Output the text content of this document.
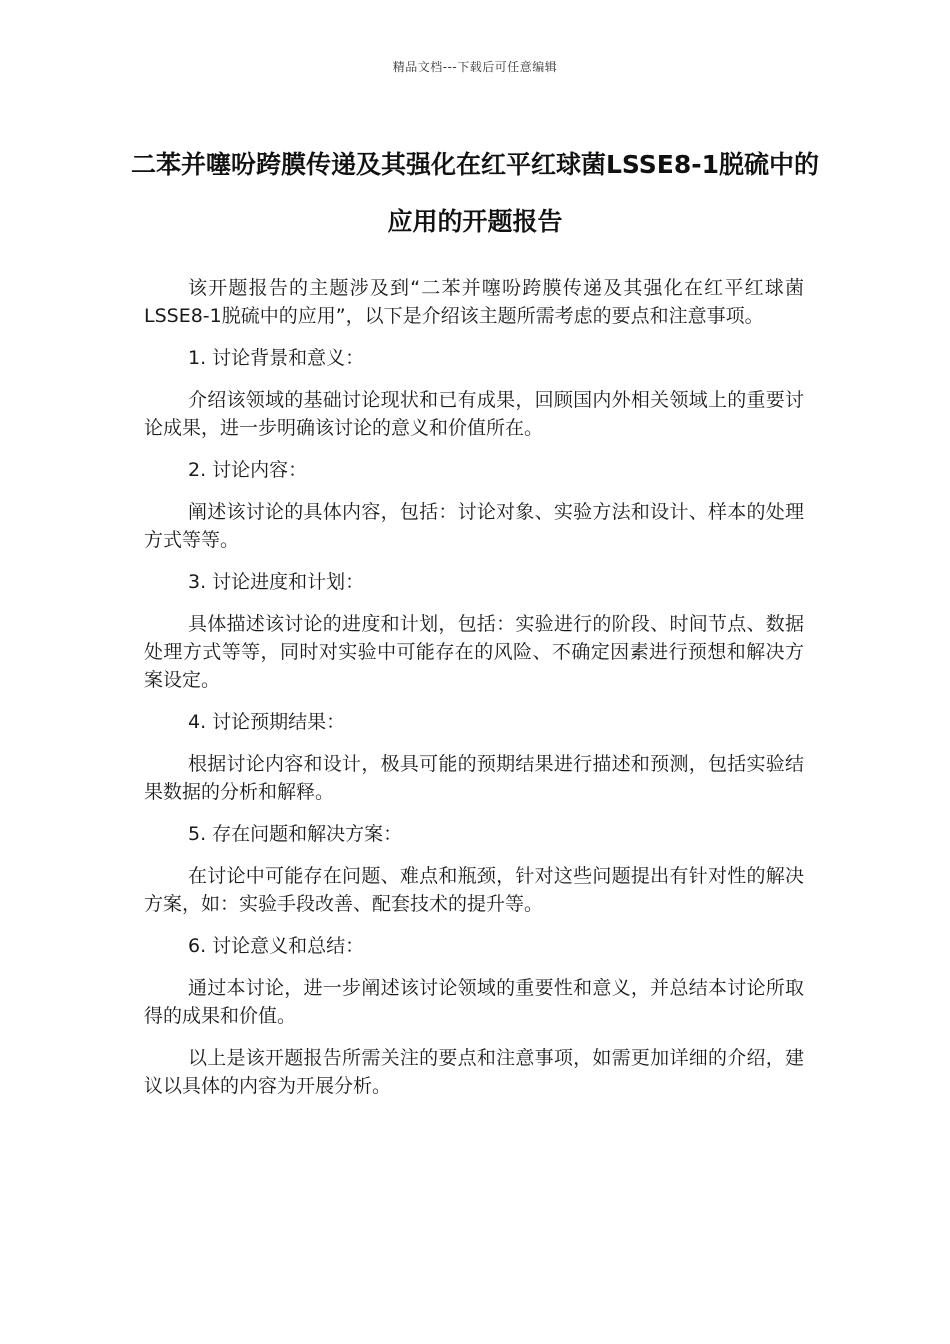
精品文档---下载后可任意编辑
二苯并噻吩跨膜传递及其强化在红平红球菌LSSE8-1脱硫中的应用的开题报告

该开题报告的主题涉及到“二苯并噻吩跨膜传递及其强化在红平红球菌LSSE8-1脱硫中的应用”，以下是介绍该主题所需考虑的要点和注意事项。

1. 讨论背景和意义：

介绍该领域的基础讨论现状和已有成果，回顾国内外相关领域上的重要讨论成果，进一步明确该讨论的意义和价值所在。

2. 讨论内容：

阐述该讨论的具体内容，包括：讨论对象、实验方法和设计、样本的处理方式等等。

3. 讨论进度和计划：

具体描述该讨论的进度和计划，包括：实验进行的阶段、时间节点、数据处理方式等等，同时对实验中可能存在的风险、不确定因素进行预想和解决方案设定。

4. 讨论预期结果：

根据讨论内容和设计，极具可能的预期结果进行描述和预测，包括实验结果数据的分析和解释。

5. 存在问题和解决方案：

在讨论中可能存在问题、难点和瓶颈，针对这些问题提出有针对性的解决方案，如：实验手段改善、配套技术的提升等。

6. 讨论意义和总结：

通过本讨论，进一步阐述该讨论领域的重要性和意义，并总结本讨论所取得的成果和价值。

以上是该开题报告所需关注的要点和注意事项，如需更加详细的介绍，建议以具体的内容为开展分析。
